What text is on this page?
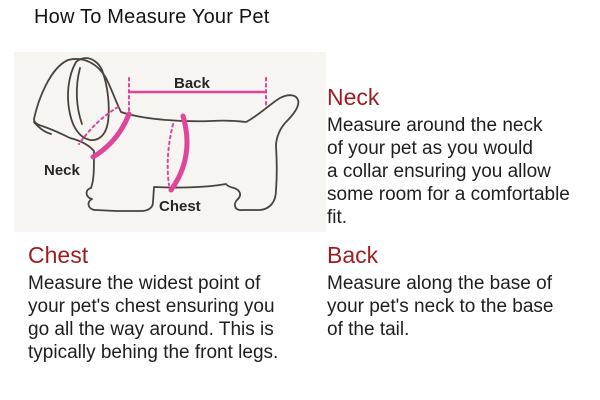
How To Measure Your Pet
Back
Neck
Chest
Neck
Measure around the neck
of your pet as you would
a collar ensuring you allow
some room for a comfortable
fit.
Chest
Measure the widest point of
your pet's chest ensuring you
go all the way around. This is
typically behing the front legs.
Back
Measure along the base of
your pet's neck to the base
of the tail.
